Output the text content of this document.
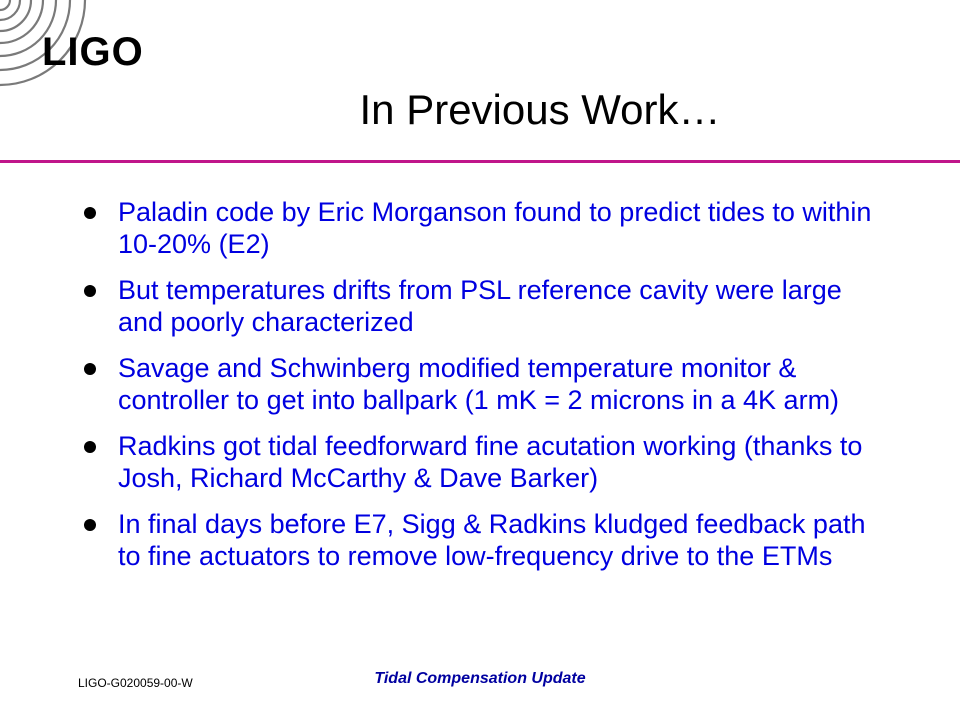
LIGO
In Previous Work…
Paladin code by Eric Morganson found to predict tides to within 10-20% (E2)
But temperatures drifts from PSL reference cavity were large and poorly characterized
Savage and Schwinberg modified temperature monitor & controller to get into ballpark (1 mK = 2 microns in a 4K arm)
Radkins got tidal feedforward fine acutation working (thanks to Josh, Richard McCarthy & Dave Barker)
In final days before E7, Sigg & Radkins kludged feedback path to fine actuators to remove low-frequency drive to the ETMs
LIGO-G020059-00-W	Tidal Compensation Update
